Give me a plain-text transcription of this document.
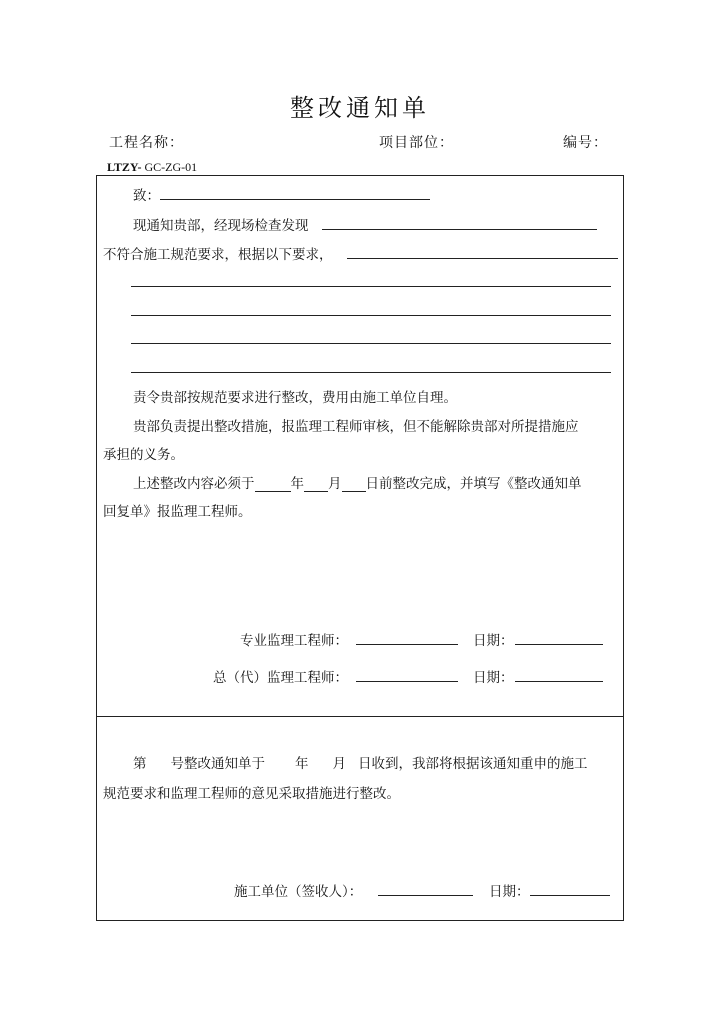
整改通知单
工程名称：	项目部位：	编号：
LTZY- GC-ZG-01
致：
现通知贵部，经现场检查发现
不符合施工规范要求，根据以下要求，
责令贵部按规范要求进行整改，费用由施工单位自理。
贵部负责提出整改措施，报监理工程师审核，但不能解除贵部对所提措施应
承担的义务。
上述整改内容必须于	年 月 日前整改完成，并填写《整改通知单
回复单》报监理工程师。
专业监理工程师：	日期：
总（代）监理工程师：	日期：
第 号整改通知单于 年 月 日收到，我部将根据该通知重申的施工
规范要求和监理工程师的意见采取措施进行整改。
施工单位（签收人）：	日期：
